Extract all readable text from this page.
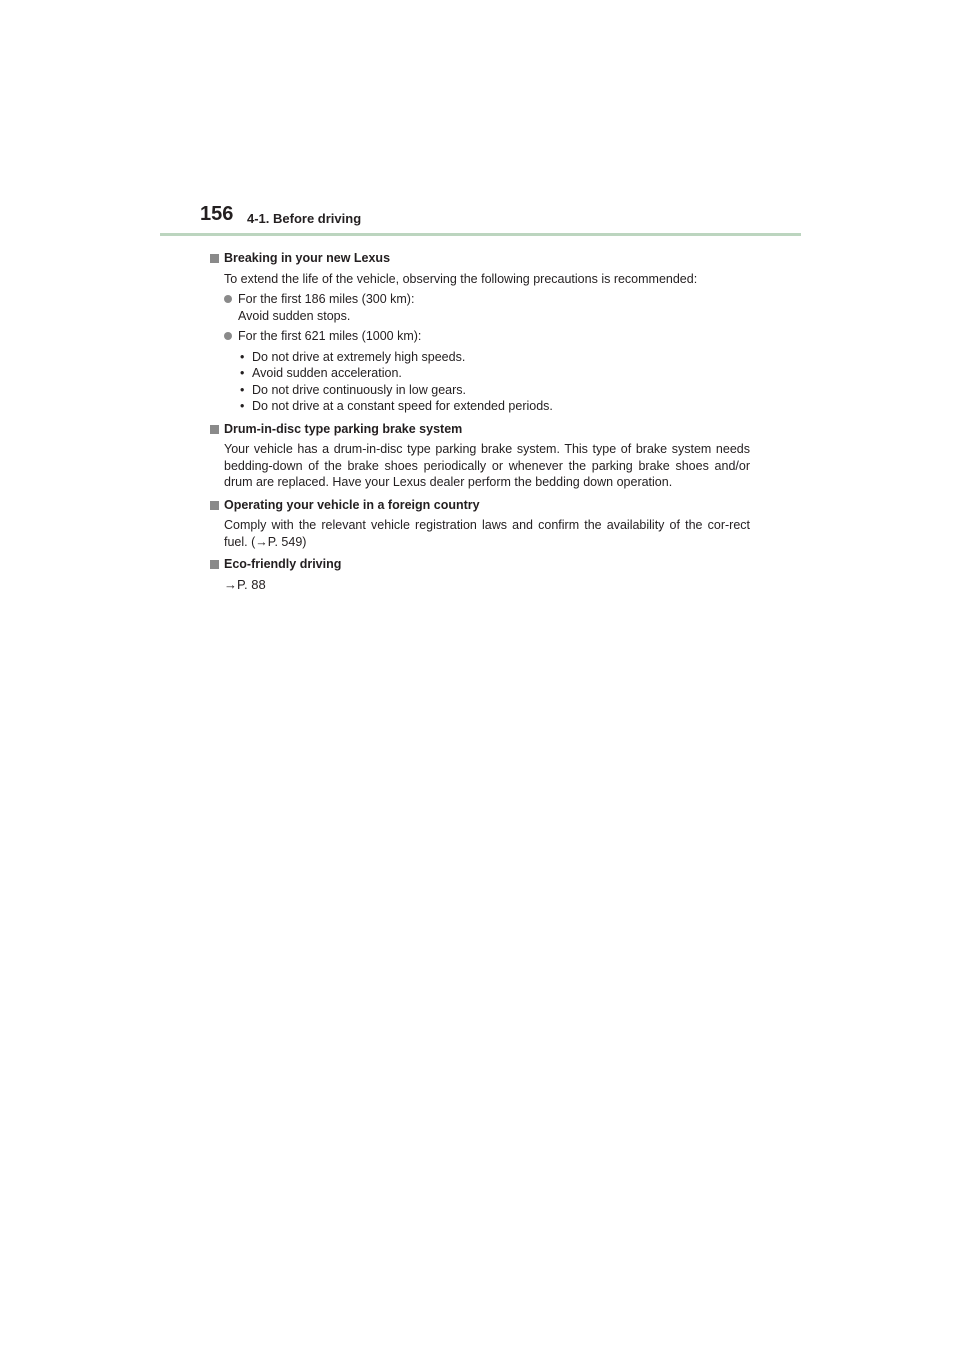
156 4-1. Before driving
Breaking in your new Lexus
To extend the life of the vehicle, observing the following precautions is recommended:
For the first 186 miles (300 km):
Avoid sudden stops.
For the first 621 miles (1000 km):
• Do not drive at extremely high speeds.
• Avoid sudden acceleration.
• Do not drive continuously in low gears.
• Do not drive at a constant speed for extended periods.
Drum-in-disc type parking brake system
Your vehicle has a drum-in-disc type parking brake system. This type of brake system needs bedding-down of the brake shoes periodically or whenever the parking brake shoes and/or drum are replaced. Have your Lexus dealer perform the bedding down operation.
Operating your vehicle in a foreign country
Comply with the relevant vehicle registration laws and confirm the availability of the cor-rect fuel. (→P. 549)
Eco-friendly driving
→P. 88
